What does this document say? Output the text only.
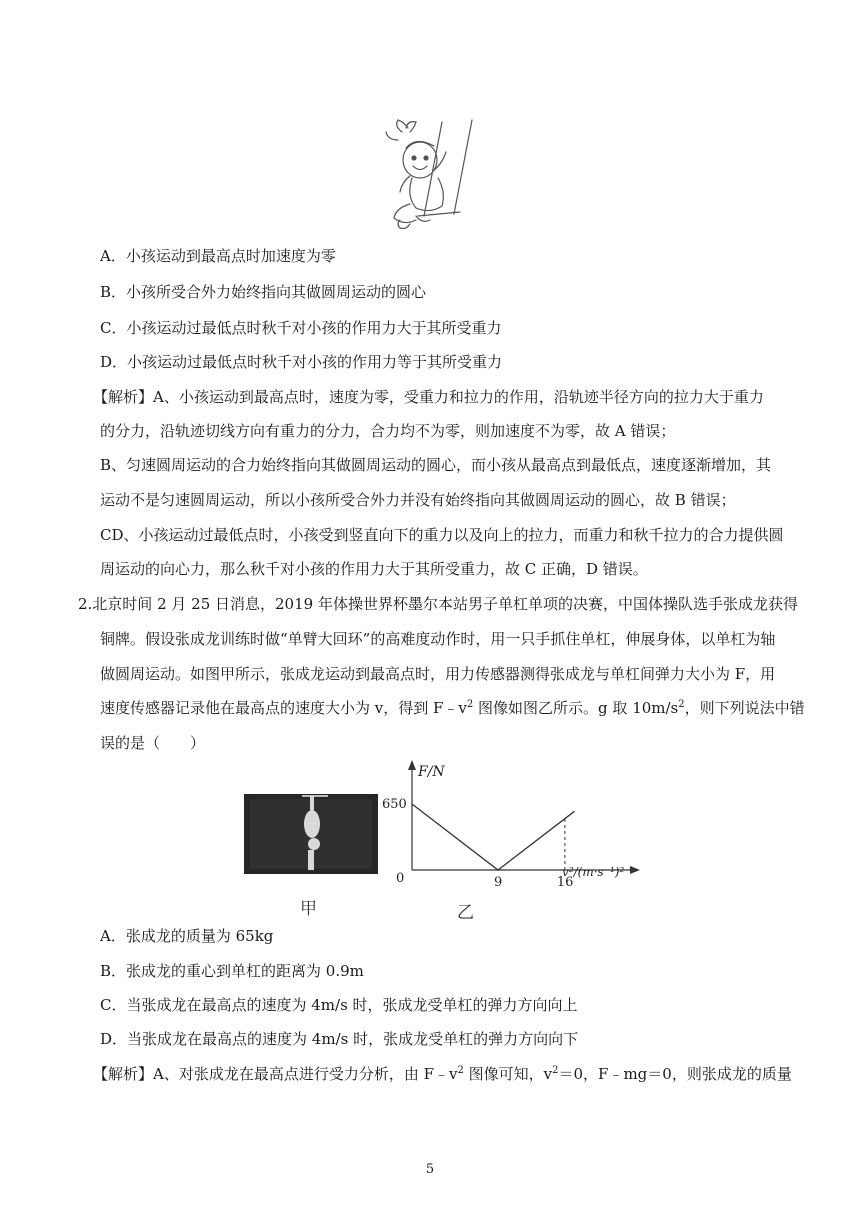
A．小孩运动到最高点时加速度为零
B．小孩所受合外力始终指向其做圆周运动的圆心
C．小孩运动过最低点时秋千对小孩的作用力大于其所受重力
D．小孩运动过最低点时秋千对小孩的作用力等于其所受重力
【解析】A、小孩运动到最高点时，速度为零，受重力和拉力的作用，沿轨迹半径方向的拉力大于重力
的分力，沿轨迹切线方向有重力的分力，合力均不为零，则加速度不为零，故 A 错误；
B、匀速圆周运动的合力始终指向其做圆周运动的圆心，而小孩从最高点到最低点，速度逐渐增加，其
运动不是匀速圆周运动，所以小孩所受合外力并没有始终指向其做圆周运动的圆心，故 B 错误；
CD、小孩运动过最低点时，小孩受到竖直向下的重力以及向上的拉力，而重力和秋千拉力的合力提供圆
周运动的向心力，那么秋千对小孩的作用力大于其所受重力，故 C 正确，D 错误。
2.北京时间 2 月 25 日消息，2019 年体操世界杯墨尔本站男子单杠单项的决赛，中国体操队选手张成龙获得
铜牌。假设张成龙训练时做“单臂大回环”的高难度动作时，用一只手抓住单杠，伸展身体，以单杠为轴
做圆周运动。如图甲所示，张成龙运动到最高点时，用力传感器测得张成龙与单杠间弹力大小为 F，用
速度传感器记录他在最高点的速度大小为 v，得到 $F﹣v^2$ 图像如图乙所示。g 取 $10m/s^2$，则下列说法中错
误的是（　　）
甲
F/N
650
0	9	16
v²/(m·s⁻¹)²
乙
A．张成龙的质量为 65kg
B．张成龙的重心到单杠的距离为 0.9m
C．当张成龙在最高点的速度为 4m/s 时，张成龙受单杠的弹力方向向上
D．当张成龙在最高点的速度为 4m/s 时，张成龙受单杠的弹力方向向下
【解析】A、对张成龙在最高点进行受力分析，由 $F﹣v^2$ 图像可知，$v^2=0$，F﹣mg＝0，则张成龙的质量
5
